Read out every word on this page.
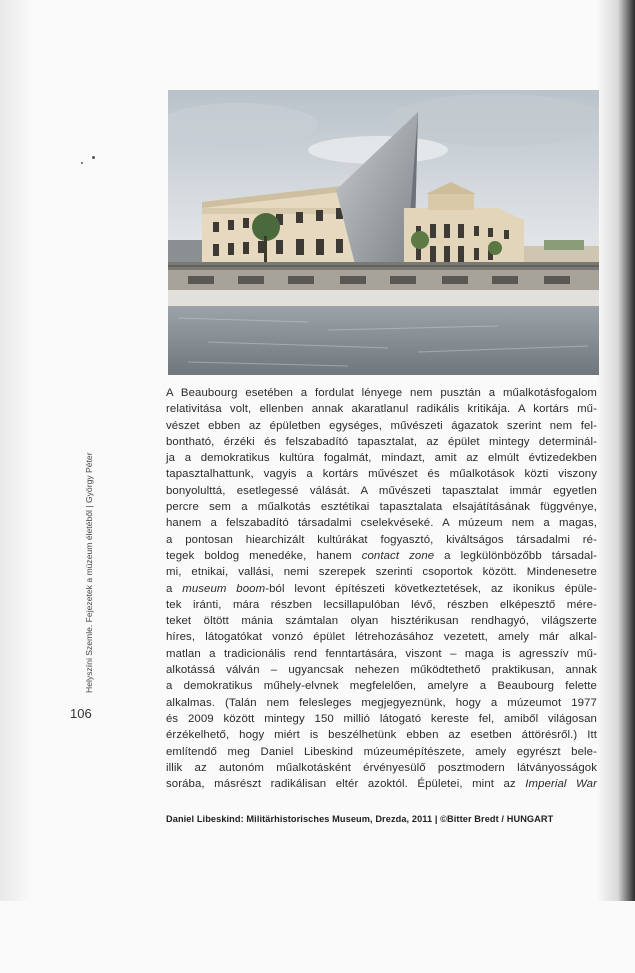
A Beaubourg esetében a fordulat lényege nem pusztán a műalkotásfogalom
relativitása volt, ellenben annak akaratlanul radikális kritikája. A kortárs mű-
vészet ebben az épületben egységes, művészeti ágazatok szerint nem fel-
bontható, érzéki és felszabadító tapasztalat, az épület mintegy determinál-
ja a demokratikus kultúra fogalmát, mindazt, amit az elmúlt évtizedekben
tapasztalhattunk, vagyis a kortárs művészet és műalkotások közti viszony
bonyolulttá, esetlegessé válását. A művészeti tapasztalat immár egyetlen
percre sem a műalkotás esztétikai tapasztalata elsajátításának függvénye,
hanem a felszabadító társadalmi cselekvéseké. A múzeum nem a magas,
a pontosan hiearchizált kultúrákat fogyasztó, kiváltságos társadalmi ré-
tegek boldog menedéke, hanem contact zone a legkülönbözőbb társadal-
mi, etnikai, vallási, nemi szerepek szerinti csoportok között. Mindenesetre
a museum boom-ból levont építészeti következtetések, az ikonikus épüle-
tek iránti, mára részben lecsillapulóban lévő, részben elképesztő mére-
teket öltött mánia számtalan olyan hisztérikusan rendhagyó, világszerte
híres, látogatókat vonzó épület létrehozásához vezetett, amely már alkal-
matlan a tradicionális rend fenntartására, viszont – maga is agresszív mű-
alkotássá válván – ugyancsak nehezen működtethető praktikusan, annak
a demokratikus műhely-elvnek megfelelően, amelyre a Beaubourg felette
alkalmas. (Talán nem felesleges megjegyeznünk, hogy a múzeumot 1977
és 2009 között mintegy 150 millió látogató kereste fel, amiből világosan
érzékelhető, hogy miért is beszélhetünk ebben az esetben áttörésről.) Itt
említendő meg Daniel Libeskind múzeumépítészete, amely egyrészt bele-
illik az autonóm műalkotásként érvényesülő posztmodern látványosságok
sorába, másrészt radikálisan eltér azoktól. Épületei, mint az Imperial War
Daniel Libeskind: Militärhistorisches Museum, Drezda, 2011 | ©Bitter Bredt / HUNGART
106
Helyszíni Szemle. Fejezetek a múzeum életéből | György Péter
